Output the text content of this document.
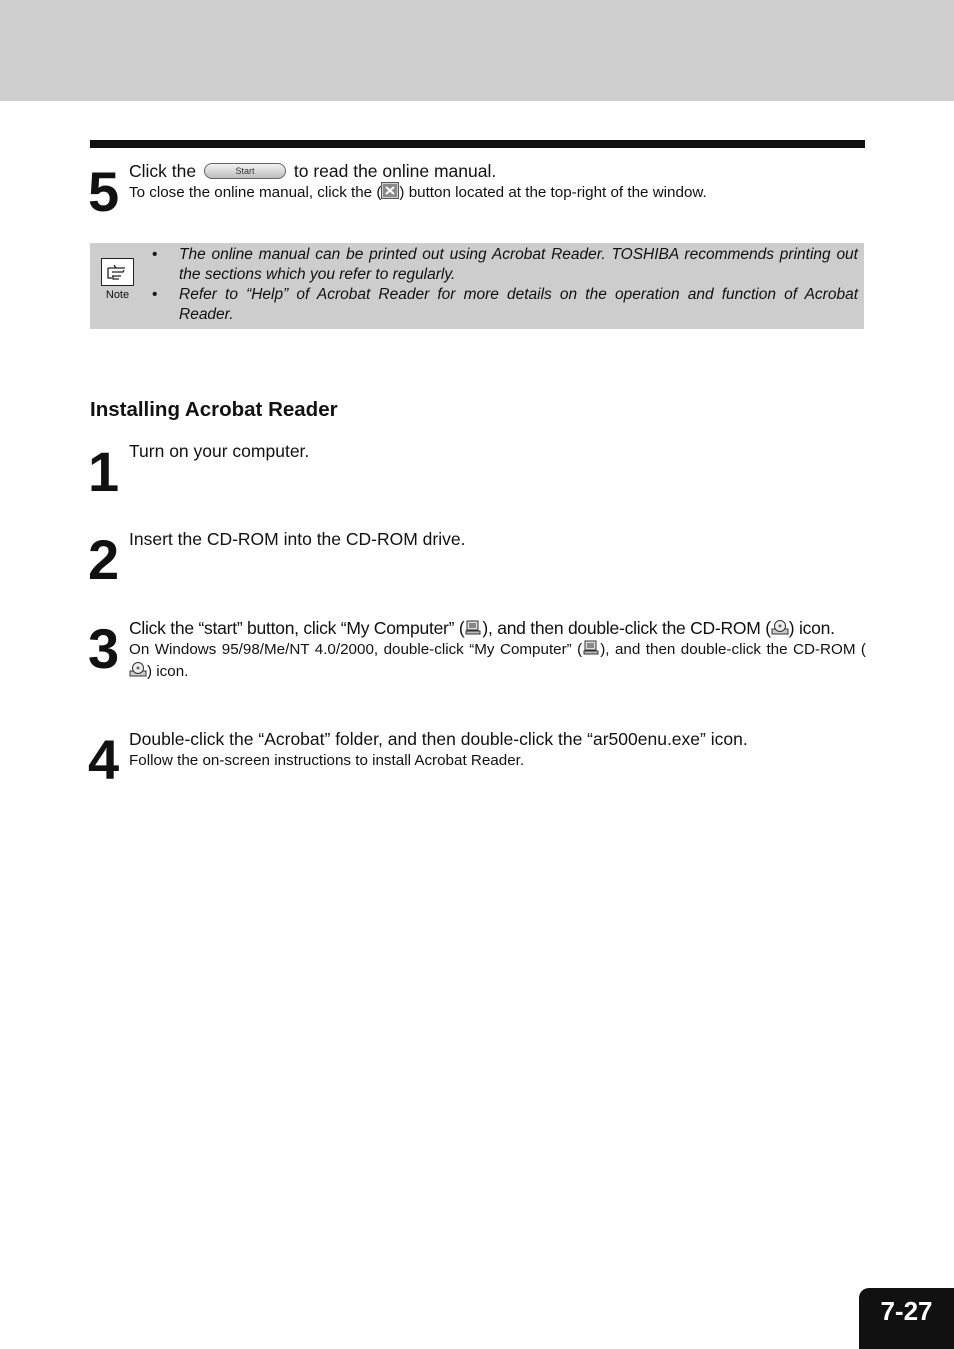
5 Click the	Start to read the online manual.
To close the online manual, click the ( ) button located at the top-right of the window.
Note
• The online manual can be printed out using Acrobat Reader. TOSHIBA recommends printing out the sections which you refer to regularly.
• Refer to “Help” of Acrobat Reader for more details on the operation and function of Acrobat Reader.
Installing Acrobat Reader
1 Turn on your computer.
2 Insert the CD-ROM into the CD-ROM drive.
3 Click the “start” button, click “My Computer” ( ), and then double-click the CD-ROM ( ) icon.
On Windows 95/98/Me/NT 4.0/2000, double-click “My Computer” ( ), and then double-click the CD-ROM () icon.
4 Double-click the “Acrobat” folder, and then double-click the “ar500enu.exe” icon.
Follow the on-screen instructions to install Acrobat Reader.
7-27
